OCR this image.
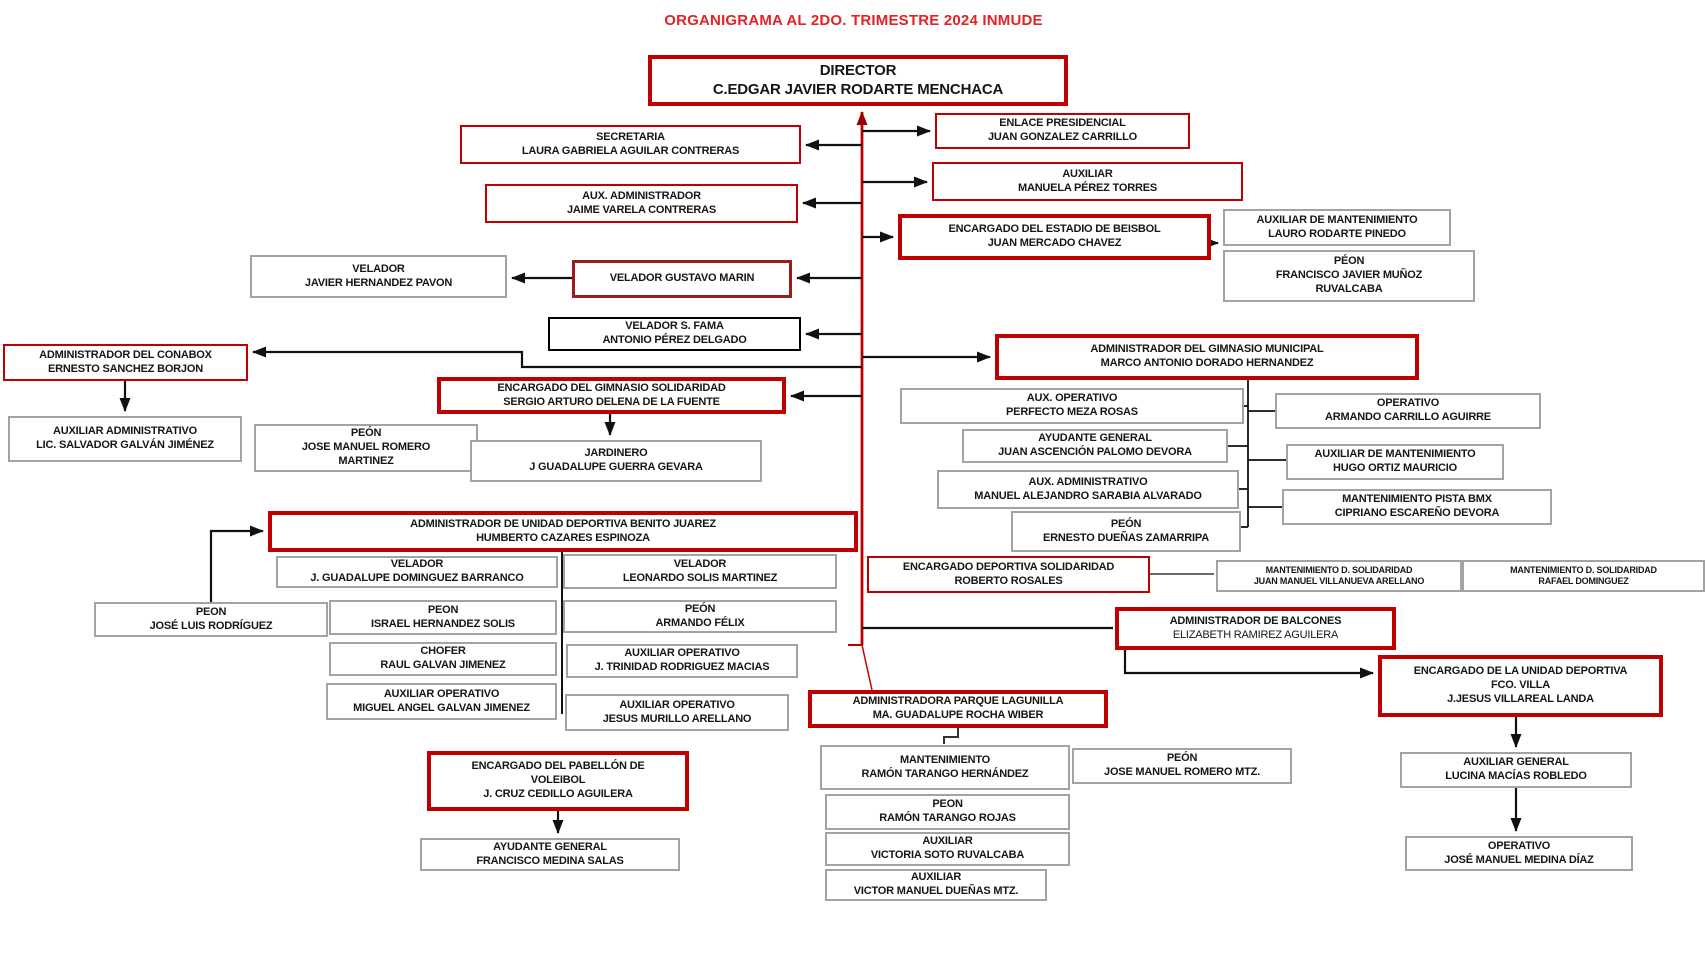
ORGANIGRAMA AL 2DO. TRIMESTRE 2024 INMUDE
DIRECTOR
C.EDGAR JAVIER RODARTE MENCHACA
ENLACE PRESIDENCIAL
JUAN GONZALEZ CARRILLO
SECRETARIA
LAURA GABRIELA AGUILAR CONTRERAS
AUXILIAR
MANUELA PÉREZ TORRES
AUX. ADMINISTRADOR
JAIME VARELA CONTRERAS
ENCARGADO DEL ESTADIO DE BEISBOL
JUAN MERCADO CHAVEZ
AUXILIAR DE MANTENIMIENTO
LAURO RODARTE PINEDO
PÉON
FRANCISCO JAVIER MUÑOZ
RUVALCABA
VELADOR
JAVIER HERNANDEZ PAVON	VELADOR GUSTAVO MARIN
VELADOR S. FAMA
ANTONIO PÉREZ DELGADO
ADMINISTRADOR DEL CONABOX
ERNESTO SANCHEZ BORJON
ADMINISTRADOR DEL GIMNASIO MUNICIPAL
MARCO ANTONIO DORADO HERNANDEZ
ENCARGADO DEL GIMNASIO SOLIDARIDAD
SERGIO ARTURO DELENA DE LA FUENTE
AUXILIAR ADMINISTRATIVO
LIC. SALVADOR GALVÁN JIMÉNEZ
PEÓN
JOSE MANUEL ROMERO
MARTINEZ
AUX. OPERATIVO
PERFECTO MEZA ROSAS
OPERATIVO
ARMANDO CARRILLO AGUIRRE
AYUDANTE GENERAL
JUAN ASCENCIÓN PALOMO DEVORA	AUXILIAR DE MANTENIMIENTO
HUGO ORTIZ MAURICIO
AUX. ADMINISTRATIVO
MANUEL ALEJANDRO SARABIA ALVARADO	MANTENIMIENTO PISTA BMX
CIPRIANO ESCAREÑO DEVORA
JARDINERO
J GUADALUPE GUERRA GEVARA
PEÓN
ERNESTO DUEÑAS ZAMARRIPA
ADMINISTRADOR DE UNIDAD DEPORTIVA BENITO JUAREZ
HUMBERTO CAZARES ESPINOZA
VELADOR
J. GUADALUPE DOMINGUEZ BARRANCO
VELADOR
LEONARDO SOLIS MARTINEZ
ENCARGADO DEPORTIVA SOLIDARIDAD
ROBERTO ROSALES
MANTENIMIENTO D. SOLIDARIDAD
JUAN MANUEL VILLANUEVA ARELLANO
MANTENIMIENTO D. SOLIDARIDAD
RAFAEL DOMINGUEZ
PEON
JOSÉ LUIS RODRÍGUEZ
PEON
ISRAEL HERNANDEZ SOLIS
PEÓN
ARMANDO FÉLIX	ADMINISTRADOR DE BALCONES
ELIZABETH RAMIREZ AGUILERA
CHOFER
RAUL GALVAN JIMENEZ
AUXILIAR OPERATIVO
J. TRINIDAD RODRIGUEZ MACIAS	ENCARGADO DE LA UNIDAD DEPORTIVA
FCO. VILLA
J.JESUS VILLAREAL LANDA
AUXILIAR OPERATIVO
MIGUEL ANGEL GALVAN JIMENEZ	AUXILIAR OPERATIVO
JESUS MURILLO ARELLANO
ADMINISTRADORA PARQUE LAGUNILLA
MA. GUADALUPE ROCHA WIBER
MANTENIMIENTO
RAMÓN TARANGO HERNÁNDEZ
PEÓN
JOSE MANUEL ROMERO MTZ.
ENCARGADO DEL PABELLÓN DE
VOLEIBOL
J. CRUZ CEDILLO AGUILERA
AUXILIAR GENERAL
LUCINA MACÍAS ROBLEDO
PEON
RAMÓN TARANGO ROJAS
AUXILIAR
VICTORIA SOTO RUVALCABA
OPERATIVO
JOSÉ MANUEL MEDINA DÍAZ
AYUDANTE GENERAL
FRANCISCO MEDINA SALAS
AUXILIAR
VICTOR MANUEL DUEÑAS MTZ.
